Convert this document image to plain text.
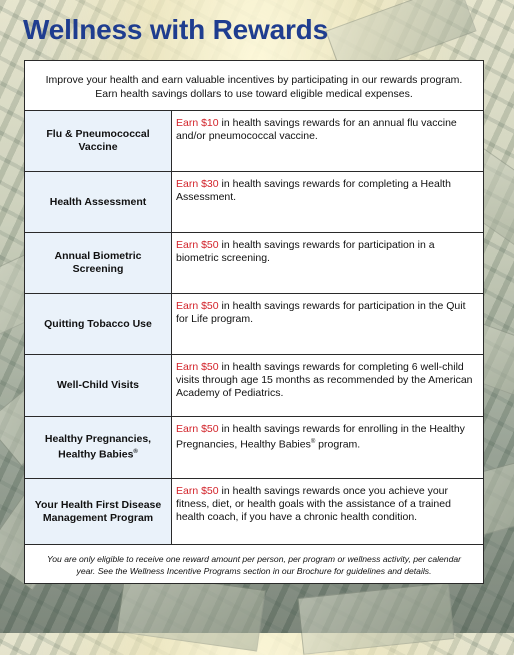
Wellness with Rewards
Improve your health and earn valuable incentives by participating in our rewards program.
Earn health savings dollars to use toward eligible medical expenses.
Flu & Pneumococcal Vaccine
Earn $10 in health savings rewards for an annual flu vaccine and/or pneumococcal vaccine.
Health Assessment
Earn $30 in health savings rewards for completing a Health Assessment.
Annual Biometric Screening
Earn $50 in health savings rewards for participation in a biometric screening.
Quitting Tobacco Use
Earn $50 in health savings rewards for participation in the Quit for Life program.
Well-Child Visits
Earn $50 in health savings rewards for completing 6 well-child visits through age 15 months as recommended by the American Academy of Pediatrics.
Healthy Pregnancies, Healthy Babies®
Earn $50 in health savings rewards for enrolling in the Healthy Pregnancies, Healthy Babies® program.
Your Health First Disease Management Program
Earn $50 in health savings rewards once you achieve your fitness, diet, or health goals with the assistance of a trained health coach, if you have a chronic health condition.
You are only eligible to receive one reward amount per person, per program or wellness activity, per calendar year. See the Wellness Incentive Programs section in our Brochure for guidelines and details.
